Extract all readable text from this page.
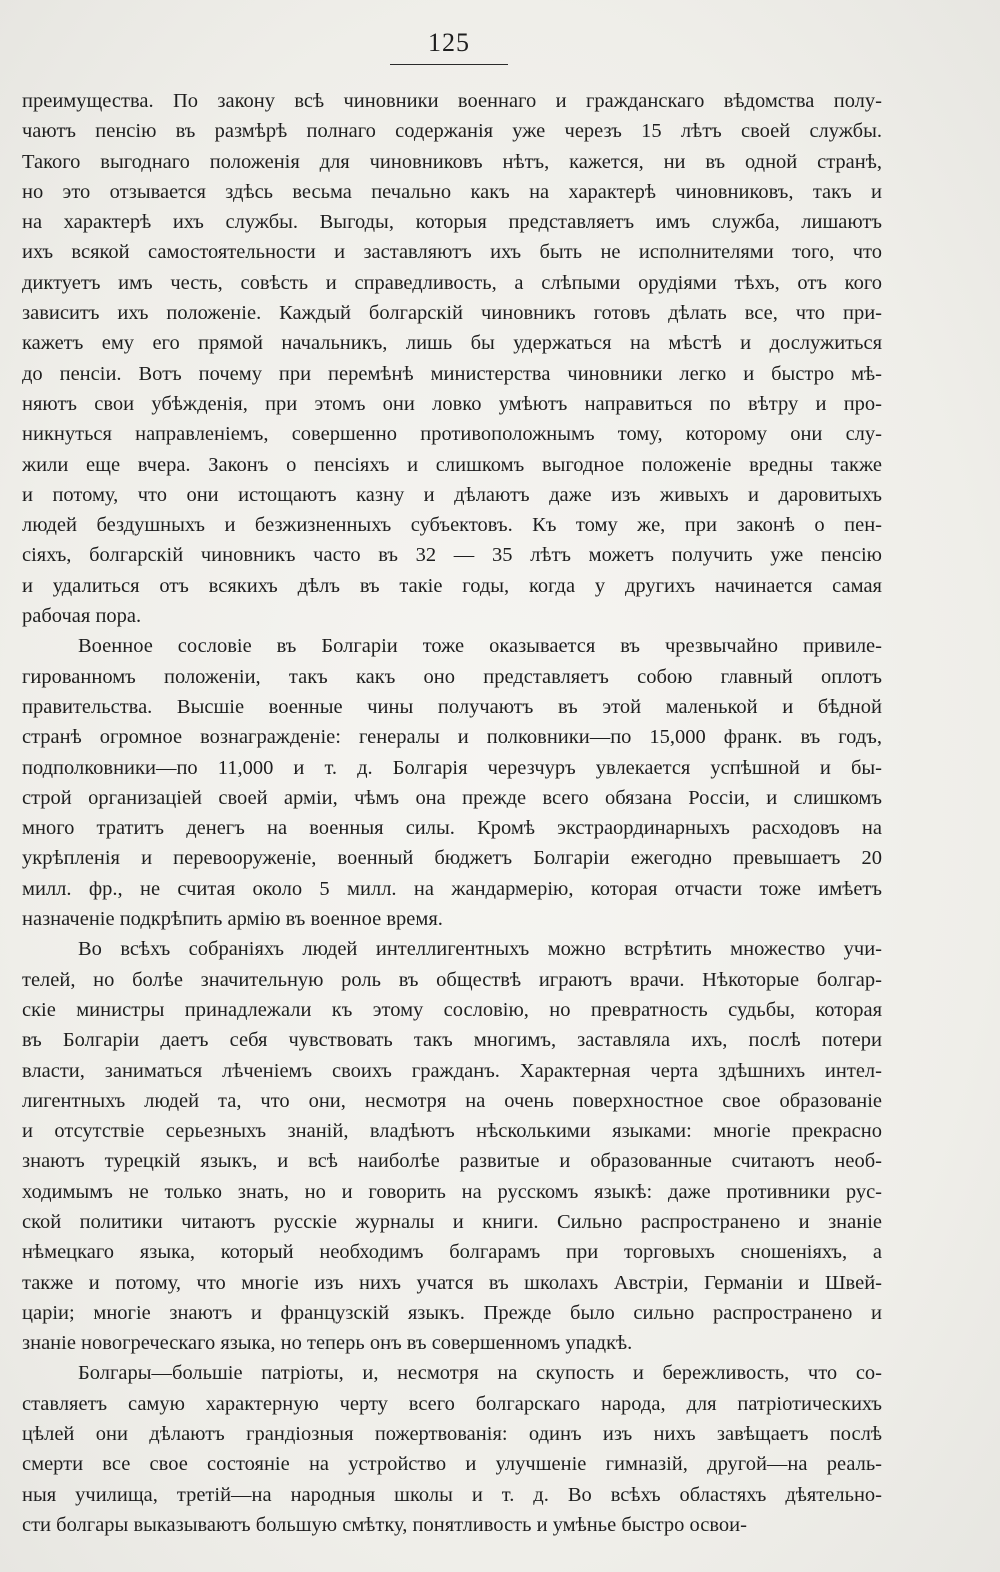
125
преимущества. По закону всѣ чиновники военнаго и гражданскаго вѣдомства полу-
чаютъ пенсію въ размѣрѣ полнаго содержанія уже черезъ 15 лѣтъ своей службы.
Такого выгоднаго положенія для чиновниковъ нѣтъ, кажется, ни въ одной странѣ,
но это отзывается здѣсь весьма печально какъ на характерѣ чиновниковъ, такъ и
на характерѣ ихъ службы. Выгоды, которыя представляетъ имъ служба, лишаютъ
ихъ всякой самостоятельности и заставляютъ ихъ быть не исполнителями того, что
диктуетъ имъ честь, совѣсть и справедливость, а слѣпыми орудіями тѣхъ, отъ кого
зависитъ ихъ положеніе. Каждый болгарскій чиновникъ готовъ дѣлать все, что при-
кажетъ ему его прямой начальникъ, лишь бы удержаться на мѣстѣ и дослужиться
до пенсіи. Вотъ почему при перемѣнѣ министерства чиновники легко и быстро мѣ-
няютъ свои убѣжденія, при этомъ они ловко умѣютъ направиться по вѣтру и про-
никнуться направленіемъ, совершенно противоположнымъ тому, которому они слу-
жили еще вчера. Законъ о пенсіяхъ и слишкомъ выгодное положеніе вредны также
и потому, что они истощаютъ казну и дѣлаютъ даже изъ живыхъ и даровитыхъ
людей бездушныхъ и безжизненныхъ субъектовъ. Къ тому же, при законѣ о пен-
сіяхъ, болгарскій чиновникъ часто въ 32 — 35 лѣтъ можетъ получить уже пенсію
и удалиться отъ всякихъ дѣлъ въ такіе годы, когда у другихъ начинается самая
рабочая пора.
Военное сословіе въ Болгаріи тоже оказывается въ чрезвычайно привиле-
гированномъ положеніи, такъ какъ оно представляетъ собою главный оплотъ
правительства. Высшіе военные чины получаютъ въ этой маленькой и бѣдной
странѣ огромное вознагражденіе: генералы и полковники—по 15,000 франк. въ годъ,
подполковники—по 11,000 и т. д. Болгарія черезчуръ увлекается успѣшной и бы-
строй организаціей своей арміи, чѣмъ она прежде всего обязана Россіи, и слишкомъ
много тратитъ денегъ на военныя силы. Кромѣ экстраординарныхъ расходовъ на
укрѣпленія и перевооруженіе, военный бюджетъ Болгаріи ежегодно превышаетъ 20
милл. фр., не считая около 5 милл. на жандармерію, которая отчасти тоже имѣетъ
назначеніе подкрѣпить армію въ военное время.
Во всѣхъ собраніяхъ людей интеллигентныхъ можно встрѣтить множество учи-
телей, но болѣе значительную роль въ обществѣ играютъ врачи. Нѣкоторые болгар-
скіе министры принадлежали къ этому сословію, но превратность судьбы, которая
въ Болгаріи даетъ себя чувствовать такъ многимъ, заставляла ихъ, послѣ потери
власти, заниматься лѣченіемъ своихъ гражданъ. Характерная черта здѣшнихъ интел-
лигентныхъ людей та, что они, несмотря на очень поверхностное свое образованіе
и отсутствіе серьезныхъ знаній, владѣютъ нѣсколькими языками: многіе прекрасно
знаютъ турецкій языкъ, и всѣ наиболѣе развитые и образованные считаютъ необ-
ходимымъ не только знать, но и говорить на русскомъ языкѣ: даже противники рус-
ской политики читаютъ русскіе журналы и книги. Сильно распространено и знаніе
нѣмецкаго языка, который необходимъ болгарамъ при торговыхъ сношеніяхъ, а
также и потому, что многіе изъ нихъ учатся въ школахъ Австріи, Германіи и Швей-
царіи; многіе знаютъ и французскій языкъ. Прежде было сильно распространено и
знаніе новогреческаго языка, но теперь онъ въ совершенномъ упадкѣ.
Болгары—большіе патріоты, и, несмотря на скупость и бережливость, что со-
ставляетъ самую характерную черту всего болгарскаго народа, для патріотическихъ
цѣлей они дѣлаютъ грандіозныя пожертвованія: одинъ изъ нихъ завѣщаетъ послѣ
смерти все свое состояніе на устройство и улучшеніе гимназій, другой—на реаль-
ныя училища, третій—на народныя школы и т. д. Во всѣхъ областяхъ дѣятельно-
сти болгары выказываютъ большую смѣтку, понятливость и умѣнье быстро освои-
